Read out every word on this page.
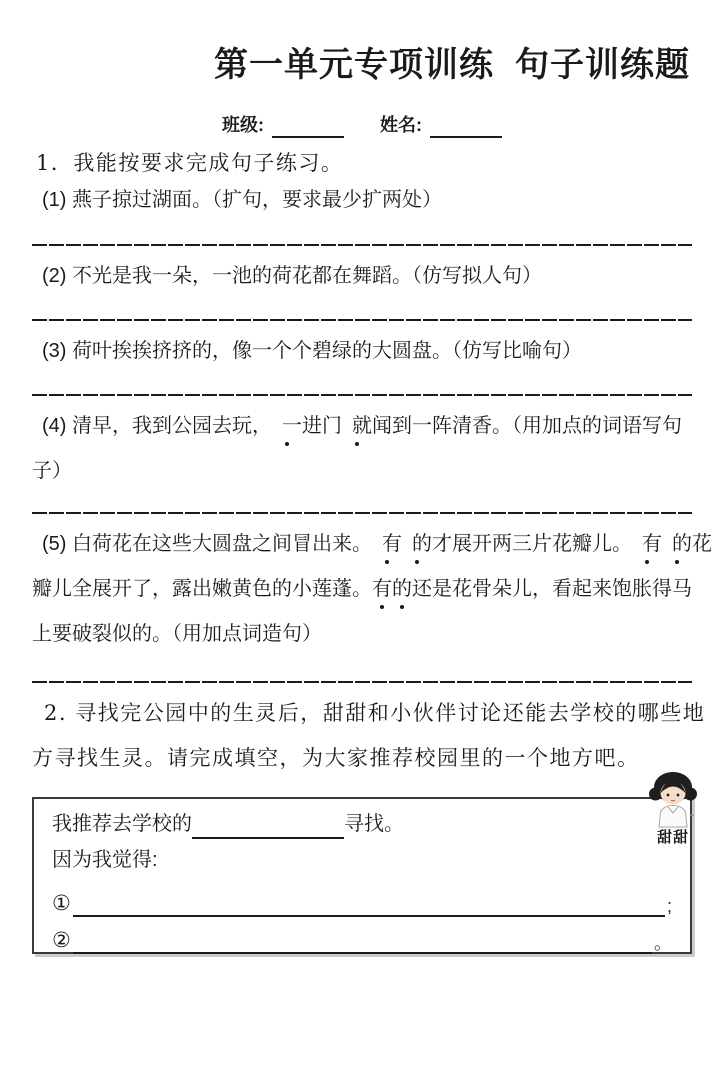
第一单元专项训练  句子训练题
班级:	姓名:
1．我能按要求完成句子练习。
(1) 燕子掠过湖面。（扩句，要求最少扩两处）
(2) 不光是我一朵，一池的荷花都在舞蹈。（仿写拟人句）
(3) 荷叶挨挨挤挤的，像一个个碧绿的大圆盘。（仿写比喻句）
(4) 清早，我到公园去玩， 一进门 就闻到一阵清香。（用加点的词语写句
子）
(5) 白荷花在这些大圆盘之间冒出来。 有 的才展开两三片花瓣儿。 有 的花
瓣儿全展开了，露出嫩黄色的小莲蓬。有的还是花骨朵儿，看起来饱胀得马
上要破裂似的。（用加点词造句）
2. 寻找完公园中的生灵后，甜甜和小伙伴讨论还能去学校的哪些地
方寻找生灵。请完成填空，为大家推荐校园里的一个地方吧。
我推荐去学校的	寻找。
因为我觉得:
①	;
②	。
甜甜
